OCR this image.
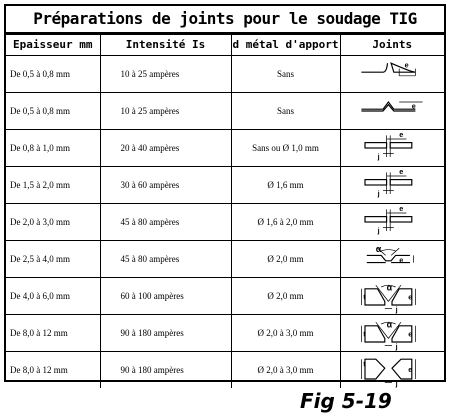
Préparations de joints pour le soudage TIG
Epaisseur mm	Intensité Is	d métal d'apport	Joints
De 0,5 à 0,8 mm	10 à 25 ampères	Sans	e

De 0,5 à 0,8 mm	10 à 25 ampères	Sans	e

De 0,8 à 1,0 mm	20 à 40 ampères	Sans ou Ø 1,0 mm	e
j

De 1,5 à 2,0 mm	30 à 60 ampères	Ø 1,6 mm	e
j

De 2,0 à 3,0 mm	45 à 80 ampères	Ø 1,6 à 2,0 mm	e
j

De 2,5 à 4,0 mm	45 à 80 ampères	Ø 2,0 mm	α
e

De 4,0 à 6,0 mm	60 à 100 ampères	Ø 2,0 mm	α
t
j
e

De 8,0 à 12 mm	90 à 180 ampères	Ø 2,0 à 3,0 mm	α
t
j
e

De 8,0 à 12 mm	90 à 180 ampères	Ø 2,0 à 3,0 mm	t
j
e
Fig 5-19
